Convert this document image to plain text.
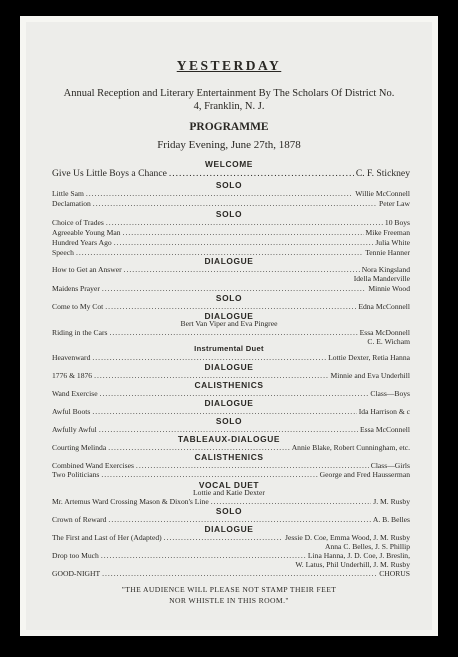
YESTERDAY
Annual Reception and Literary Entertainment By The Scholars Of District No. 4, Franklin, N. J.
PROGRAMME
Friday Evening, June 27th, 1878
WELCOME
Give Us Little Boys a Chance .....	C. F. Stickney
SOLO
Little Sam .....	Willie McConnell
Declamation .....	Peter Law
SOLO
Choice of Trades .....	10 Boys
Agreeable Young Man .....	Mike Freeman
Hundred Years Ago .....	Julia White
Speech .....	Tennie Hanner
DIALOGUE
How to Get an Answer .....	Nora Kingsland
Idella Manderville
Maidens Prayer .....	Minnie Wood
SOLO
Come to My Cot .....	Edna McConnell
DIALOGUE
Bert Van Viper and Eva Pingree
Riding in the Cars .....	Essa McDonnell
C. E. Wicham
Instrumental Duet
Heavenward .....	Lottie Dexter, Retia Hanna
DIALOGUE
1776 & 1876 .....	Minnie and Eva Underhill
CALISTHENICS
Wand Exercise .....	Class—Boys
DIALOGUE
Awful Boots .....	Ida Harrison & c
SOLO
Awfully Awful .....	Essa McConnell
TABLEAUX-DIALOGUE
Courting Melinda .....	Annie Blake, Robert Cunningham, etc.
CALISTHENICS
Combined Wand Exercises .....	Class—Girls
Two Politicians .....	George and Fred Hausserman
VOCAL DUET
Lottie and Katie Dexter
Mr. Artemus Ward Crossing Mason & Dixon's Line .....	J. M. Rusby
SOLO
Crown of Reward .....	A. B. Belles
DIALOGUE
The First and Last of Her (Adapted) .....	Jessie D. Coe, Emma Wood, J. M. Rusby
Anna C. Belles, J. S. Phillip
Drop too Much .....	Lina Hanna, J. D. Coe, J. Breslin,
W. Latus, Phil Underhill, J. M. Rusby
GOOD-NIGHT .....	CHORUS
"THE AUDIENCE WILL PLEASE NOT STAMP THEIR FEET
NOR WHISTLE IN THIS ROOM."
